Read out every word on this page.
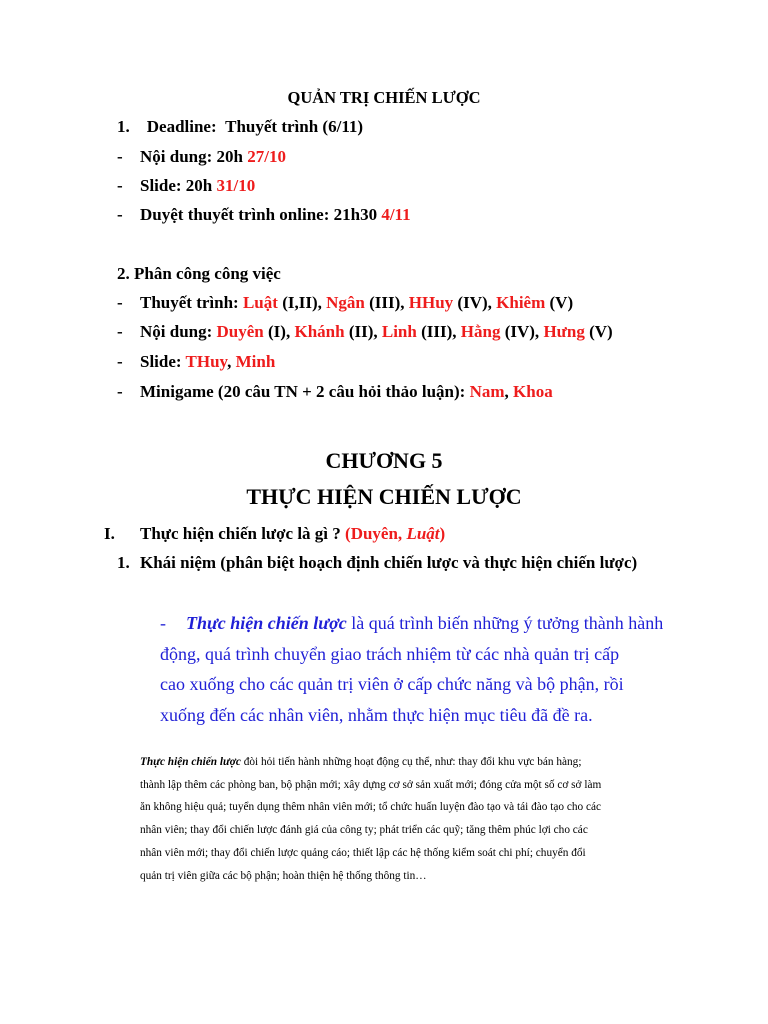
QUẢN TRỊ CHIẾN LƯỢC
1. Deadline: Thuyết trình (6/11)
- Nội dung: 20h 27/10
- Slide: 20h 31/10
- Duyệt thuyết trình online: 21h30 4/11
2. Phân công công việc
- Thuyết trình: Luật (I,II), Ngân (III), HHuy (IV), Khiêm (V)
- Nội dung: Duyên (I), Khánh (II), Linh (III), Hằng (IV), Hưng (V)
- Slide: THuy, Minh
- Minigame (20 câu TN + 2 câu hỏi thảo luận): Nam, Khoa
CHƯƠNG 5
THỰC HIỆN CHIẾN LƯỢC
I. Thực hiện chiến lược là gì ? (Duyên, Luật)
1. Khái niệm (phân biệt hoạch định chiến lược và thực hiện chiến lược)
- Thực hiện chiến lược là quá trình biến những ý tưởng thành hành
động, quá trình chuyển giao trách nhiệm từ các nhà quản trị cấp
cao xuống cho các quản trị viên ở cấp chức năng và bộ phận, rồi
xuống đến các nhân viên, nhằm thực hiện mục tiêu đã đề ra.
Thực hiện chiến lược đòi hỏi tiến hành những hoạt động cụ thể, như: thay đổi khu vực bán hàng;
thành lập thêm các phòng ban, bộ phận mới; xây dựng cơ sở sản xuất mới; đóng cửa một số cơ sở làm
ăn không hiệu quả; tuyển dụng thêm nhân viên mới; tổ chức huấn luyện đào tạo và tái đào tạo cho các
nhân viên; thay đổi chiến lược đánh giá của công ty; phát triển các quỹ; tăng thêm phúc lợi cho các
nhân viên mới; thay đổi chiến lược quảng cáo; thiết lập các hệ thống kiểm soát chi phí; chuyển đổi
quản trị viên giữa các bộ phận; hoàn thiện hệ thống thông tin…
